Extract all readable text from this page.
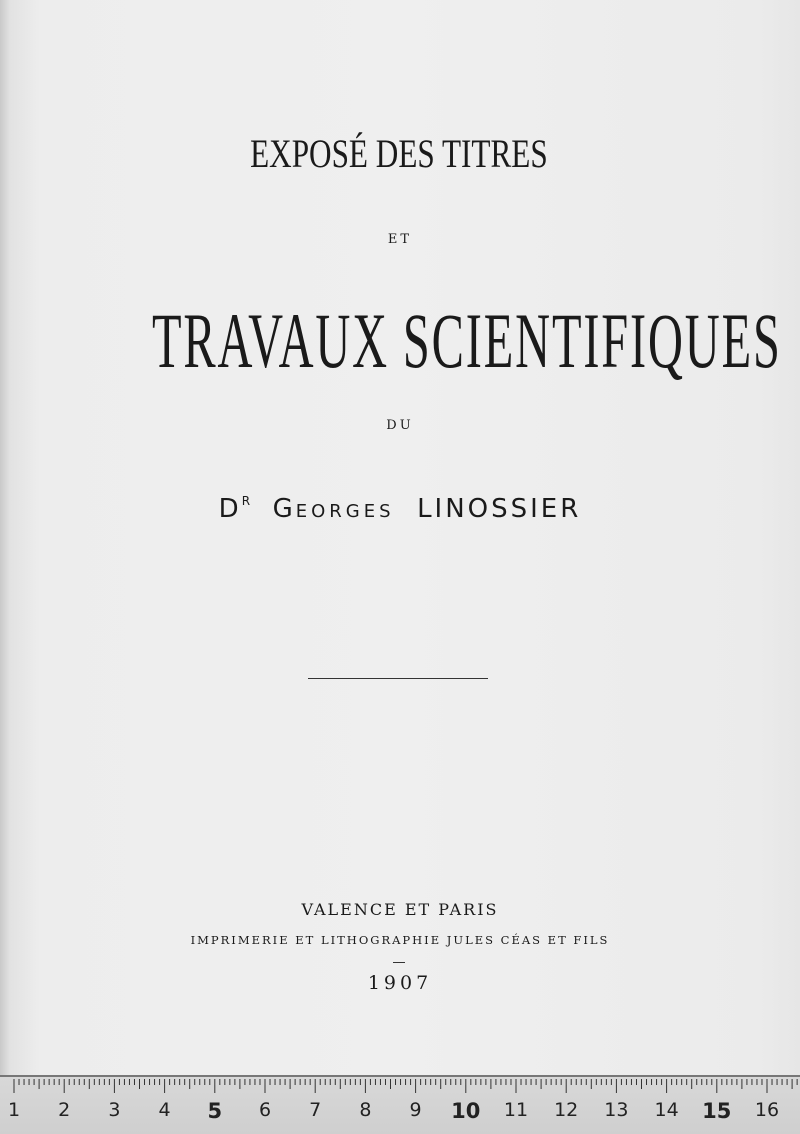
EXPOSÉ DES TITRES
ET
TRAVAUX SCIENTIFIQUES
DU
$D^R$ GEORGES LINOSSIER
VALENCE ET PARIS
IMPRIMERIE ET LITHOGRAPHIE JULES CÉAS ET FILS
1907
1 2 3 4 5 6 7 8 9 10 11 12 13 14 15 16
